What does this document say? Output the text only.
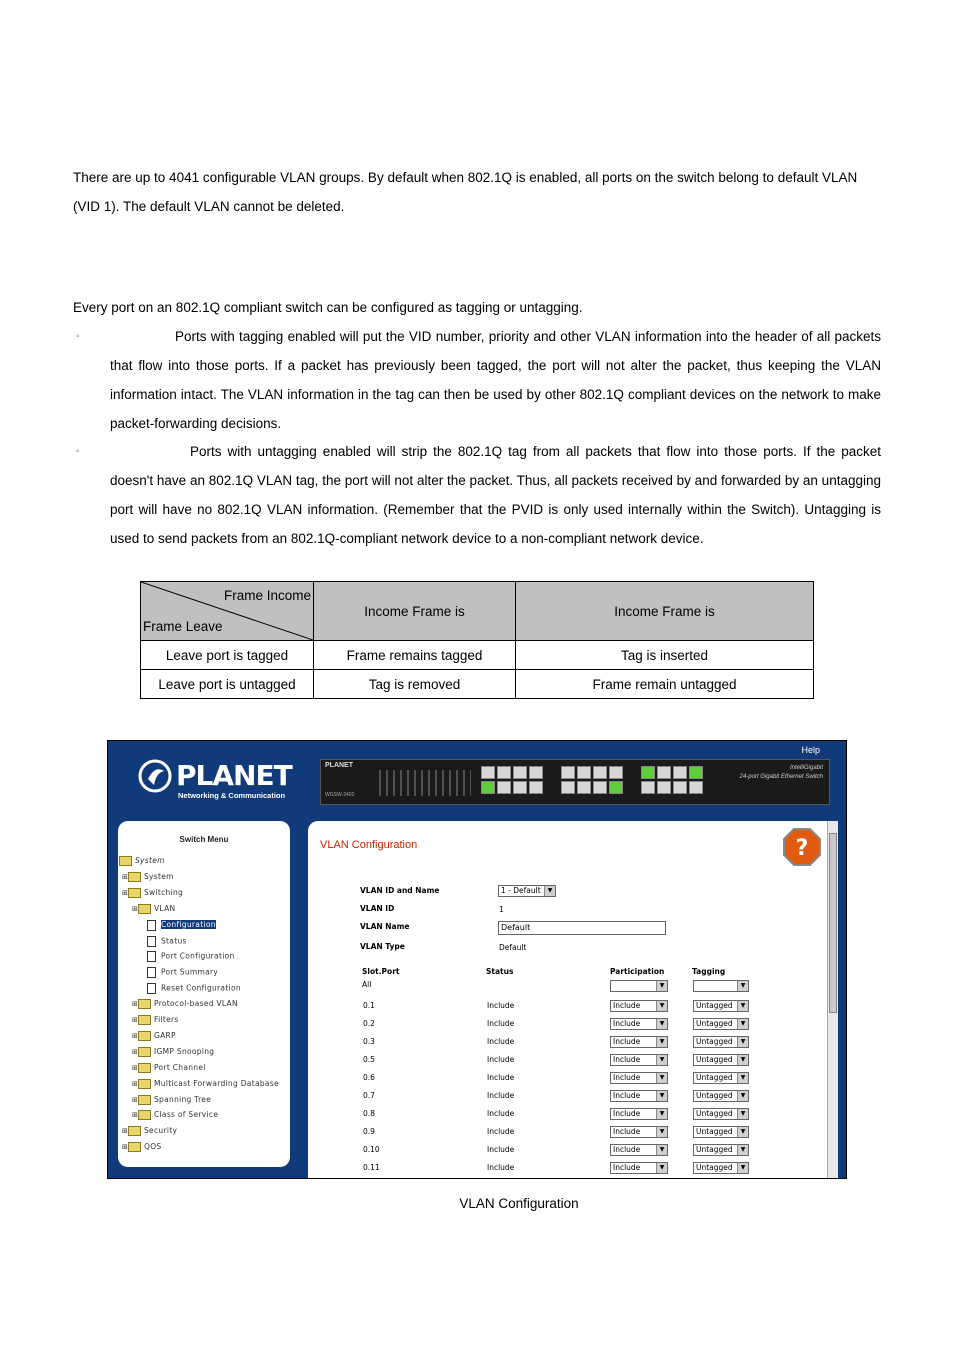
There are up to 4041 configurable VLAN groups. By default when 802.1Q is enabled, all ports on the switch belong to default VLAN (VID 1). The default VLAN cannot be deleted.
Every port on an 802.1Q compliant switch can be configured as tagging or untagging.
◦	Ports with tagging enabled will put the VID number, priority and other VLAN information into the header of all packets that flow into those ports. If a packet has previously been tagged, the port will not alter the packet, thus keeping the VLAN information intact. The VLAN information in the tag can then be used by other 802.1Q compliant devices on the network to make packet-forwarding decisions.
◦	Ports with untagging enabled will strip the 802.1Q tag from all packets that flow into those ports. If the packet doesn't have an 802.1Q VLAN tag, the port will not alter the packet. Thus, all packets received by and forwarded by an untagging port will have no 802.1Q VLAN information. (Remember that the PVID is only used internally within the Switch). Untagging is used to send packets from an 802.1Q-compliant network device to a non-compliant network device.
Frame Income
Frame Leave	Income Frame is	Income Frame is
Leave port is tagged	Frame remains tagged	Tag is inserted
Leave port is untagged	Tag is removed	Frame remain untagged
PLANET
Networking & Communication
Help
PLANET
WGSW-2402
IntelliGigabit
24-port Gigabit Ethernet Switch
Switch Menu
System
⊞ System
⊞ Switching
⊞ VLAN
Configuration
Status
Port Configuration
Port Summary
Reset Configuration
⊞ Protocol-based VLAN
⊞ Filters
⊞ GARP
⊞ IGMP Snooping
⊞ Port Channel
⊞ Multicast Forwarding Database
⊞ Spanning Tree
⊞ Class of Service
⊞ Security
⊞ QOS
VLAN Configuration	?
VLAN ID and Name	1 - Default	▼
VLAN ID	1
VLAN Name	Default
VLAN Type	Default
Slot.Port	Status	Participation	Tagging
All	▼	▼
0.1	Include	Include	▼	Untagged	▼
0.2	Include	Include	▼	Untagged	▼
0.3	Include	Include	▼	Untagged	▼
0.5	Include	Include	▼	Untagged	▼
0.6	Include	Include	▼	Untagged	▼
0.7	Include	Include	▼	Untagged	▼
0.8	Include	Include	▼	Untagged	▼
0.9	Include	Include	▼	Untagged	▼
0.10	Include	Include	▼	Untagged	▼
0.11	Include	Include	▼	Untagged	▼
VLAN Configuration
